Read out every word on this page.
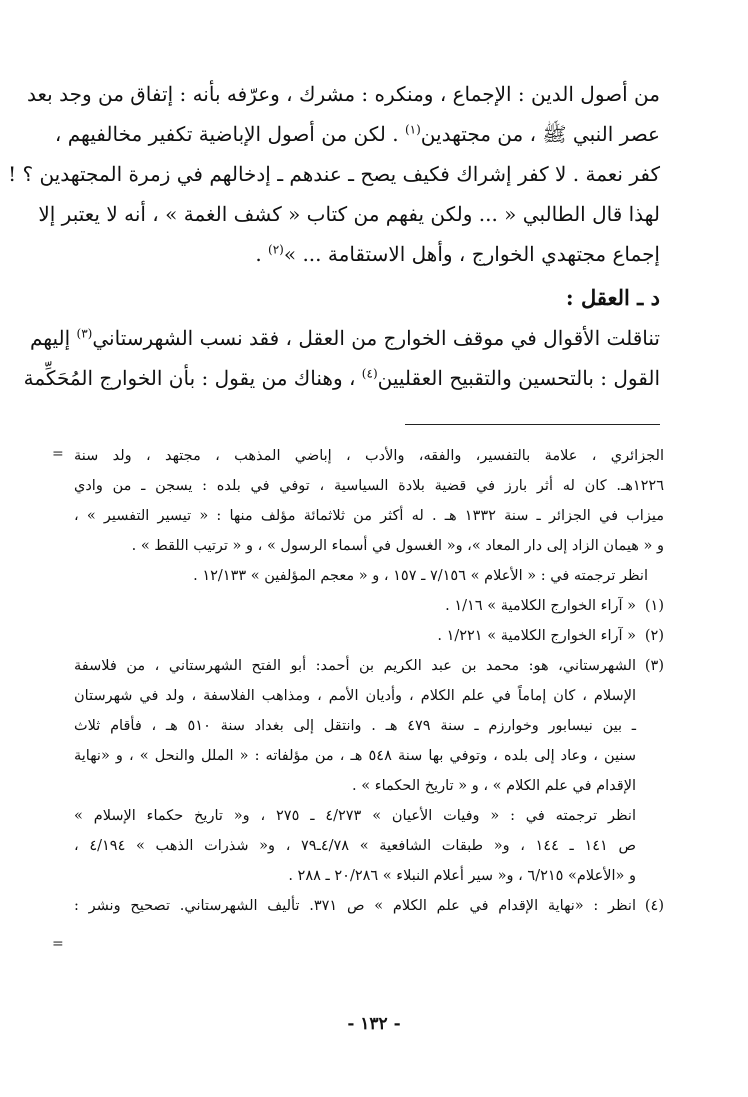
من أصول الدين : الإجماع ، ومنكره : مشرك ، وعرّفه بأنه : إتفاق من وجد بعد
عصر النبي ﷺ ، من مجتهدين$^{(١)}$ . لكن من أصول الإباضية تكفير مخالفيهم ،
كفر نعمة . لا كفر إشراك فكيف يصح ـ عندهم ـ إدخالهم في زمرة المجتهدين ؟ !
لهذا قال الطالبي « ... ولكن يفهم من كتاب « كشف الغمة » ، أنه لا يعتبر إلا
إجماع مجتهدي الخوارج ، وأهل الاستقامة ... »$^{(٢)}$ .
د ـ العقل :
تناقلت الأقوال في موقف الخوارج من العقل ، فقد نسب الشهرستاني$^{(٣)}$ إليهم
القول : بالتحسين والتقبيح العقليين$^{(٤)}$ ، وهناك من يقول : بأن الخوارج المُحَكِّمة
= الجزائري ، علامة بالتفسير، والفقه، والأدب ، إباضي المذهب ، مجتهد ، ولد سنة
١٢٢٦هـ. كان له أثر بارز في قضية بلادة السياسية ، توفي في بلده : يسجن ـ من وادي
ميزاب في الجزائر ـ سنة ١٣٣٢ هـ . له أكثر من ثلاثمائة مؤلف منها : « تيسير التفسير » ،
و « هيمان الزاد إلى دار المعاد »، و« الغسول في أسماء الرسول » ، و « ترتيب اللقط » .
انظر ترجمته في : « الأعلام » ٧/١٥٦ ـ ١٥٧ ، و « معجم المؤلفين » ١٢/١٣٣ .
(١)
« آراء الخوارج الكلامية » ١/١٦ .
(٢)
« آراء الخوارج الكلامية » ١/٢٢١ .
(٣)
الشهرستاني، هو: محمد بن عبد الكريم بن أحمد: أبو الفتح الشهرستاني ، من فلاسفة
الإسلام ، كان إماماً في علم الكلام ، وأديان الأمم ، ومذاهب الفلاسفة ، ولد في شهرستان
ـ بين نيسابور وخوارزم ـ سنة ٤٧٩ هـ . وانتقل إلى بغداد سنة ٥١٠ هـ ، فأقام ثلاث
سنين ، وعاد إلى بلده ، وتوفي بها سنة ٥٤٨ هـ ، من مؤلفاته : « الملل والنحل » ، و «نهاية
الإقدام في علم الكلام » ، و « تاريخ الحكماء » .
انظر ترجمته في : « وفيات الأعيان » ٤/٢٧٣ ـ ٢٧٥ ، و« تاريخ حكماء الإسلام »
ص ١٤١ ـ ١٤٤ ، و« طبقات الشافعية » ٤/٧٨ـ٧٩ ، و« شذرات الذهب » ٤/١٩٤ ،
و «الأعلام» ٦/٢١٥ ، و« سير أعلام النبلاء » ٢٠/٢٨٦ ـ ٢٨٨ .
(٤)
انظر : «نهاية الإقدام في علم الكلام » ص ٣٧١. تأليف الشهرستاني. تصحيح ونشر :
=
- ١٣٢ -
